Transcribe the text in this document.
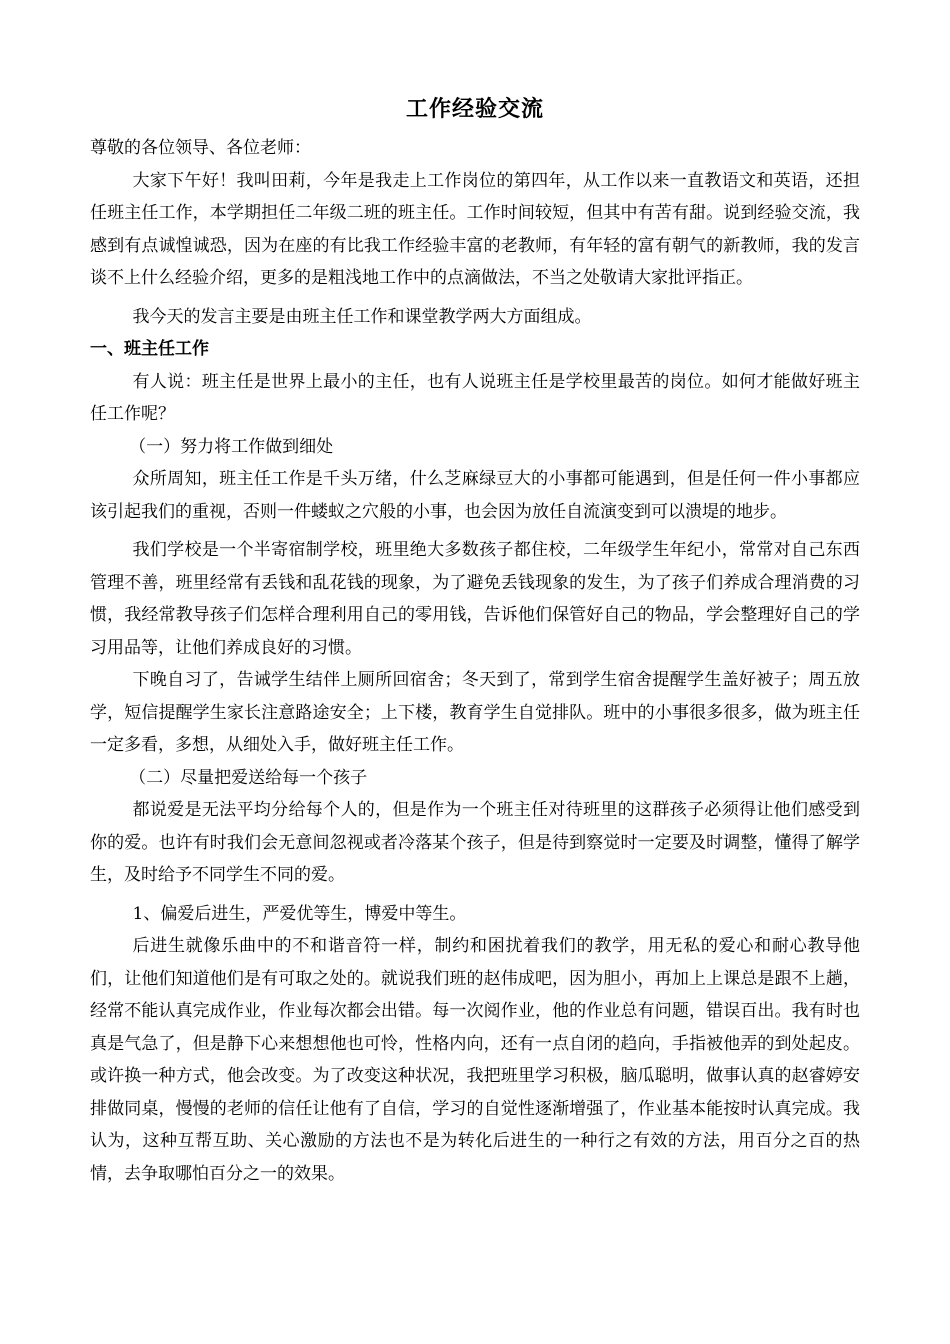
工作经验交流

尊敬的各位领导、各位老师：

大家下午好！我叫田莉，今年是我走上工作岗位的第四年，从工作以来一直教语文和英语，还担任班主任工作，本学期担任二年级二班的班主任。工作时间较短，但其中有苦有甜。说到经验交流，我感到有点诚惶诚恐，因为在座的有比我工作经验丰富的老教师，有年轻的富有朝气的新教师，我的发言谈不上什么经验介绍，更多的是粗浅地工作中的点滴做法，不当之处敬请大家批评指正。

我今天的发言主要是由班主任工作和课堂教学两大方面组成。

一、班主任工作

有人说：班主任是世界上最小的主任，也有人说班主任是学校里最苦的岗位。如何才能做好班主任工作呢？

（一）努力将工作做到细处

众所周知，班主任工作是千头万绪，什么芝麻绿豆大的小事都可能遇到，但是任何一件小事都应该引起我们的重视，否则一件蝼蚁之穴般的小事，也会因为放任自流演变到可以溃堤的地步。

我们学校是一个半寄宿制学校，班里绝大多数孩子都住校，二年级学生年纪小，常常对自己东西管理不善，班里经常有丢钱和乱花钱的现象，为了避免丢钱现象的发生，为了孩子们养成合理消费的习惯，我经常教导孩子们怎样合理利用自己的零用钱，告诉他们保管好自己的物品，学会整理好自己的学习用品等，让他们养成良好的习惯。

下晚自习了，告诫学生结伴上厕所回宿舍；冬天到了，常到学生宿舍提醒学生盖好被子；周五放学，短信提醒学生家长注意路途安全；上下楼，教育学生自觉排队。班中的小事很多很多，做为班主任一定多看，多想，从细处入手，做好班主任工作。

（二）尽量把爱送给每一个孩子

都说爱是无法平均分给每个人的，但是作为一个班主任对待班里的这群孩子必须得让他们感受到你的爱。也许有时我们会无意间忽视或者冷落某个孩子，但是待到察觉时一定要及时调整，懂得了解学生，及时给予不同学生不同的爱。

1、偏爱后进生，严爱优等生，博爱中等生。

后进生就像乐曲中的不和谐音符一样，制约和困扰着我们的教学，用无私的爱心和耐心教导他们，让他们知道他们是有可取之处的。就说我们班的赵伟成吧，因为胆小，再加上上课总是跟不上趟，经常不能认真完成作业，作业每次都会出错。每一次阅作业，他的作业总有问题，错误百出。我有时也真是气急了，但是静下心来想想他也可怜，性格内向，还有一点自闭的趋向，手指被他弄的到处起皮。或许换一种方式，他会改变。为了改变这种状况，我把班里学习积极，脑瓜聪明，做事认真的赵睿婷安排做同桌，慢慢的老师的信任让他有了自信，学习的自觉性逐渐增强了，作业基本能按时认真完成。我认为，这种互帮互助、关心激励的方法也不是为转化后进生的一种行之有效的方法，用百分之百的热情，去争取哪怕百分之一的效果。
